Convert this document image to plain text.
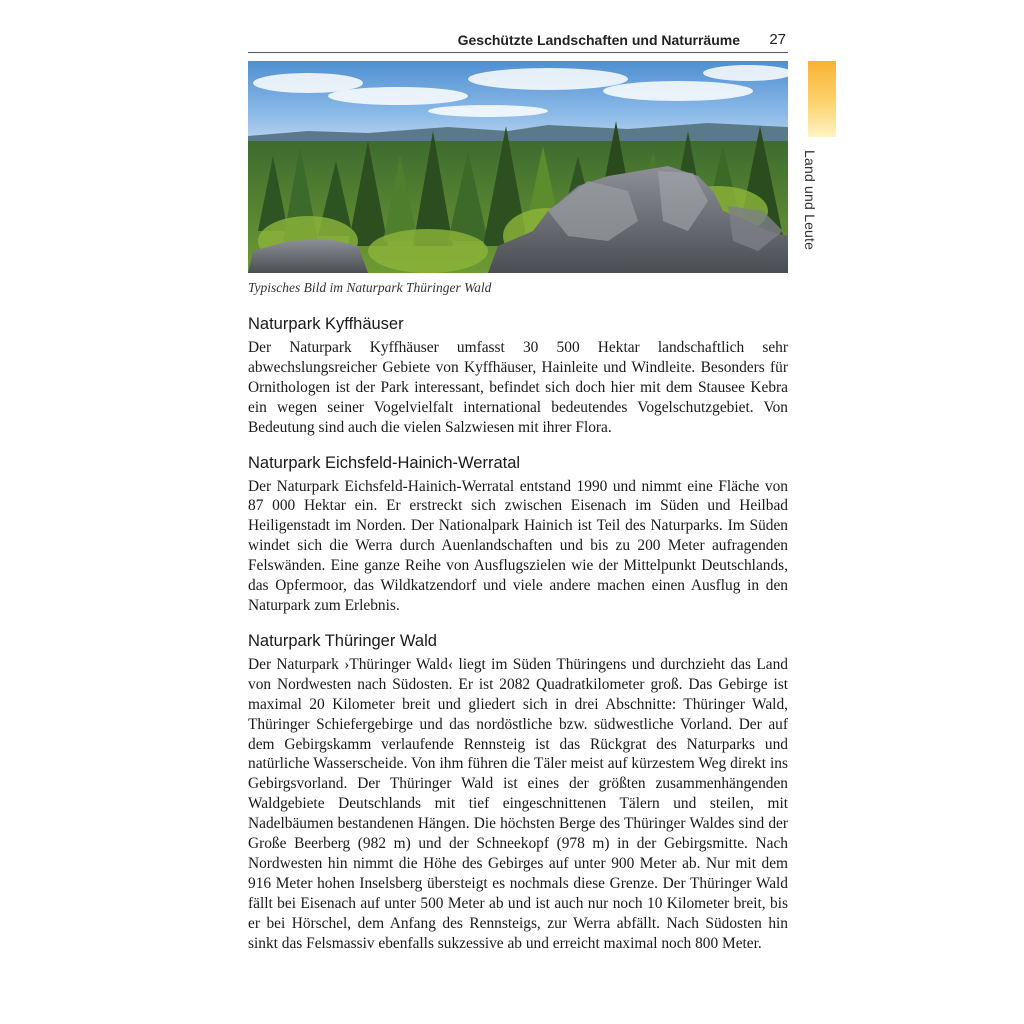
Geschützte Landschaften und Naturräume 27
Land und Leute
Typisches Bild im Naturpark Thüringer Wald
Naturpark Kyffhäuser

Der Naturpark Kyffhäuser umfasst 30 500 Hektar landschaftlich sehr abwechslungsreicher Gebiete von Kyffhäuser, Hainleite und Windleite. Besonders für Ornithologen ist der Park interessant, befindet sich doch hier mit dem Stausee Kebra ein wegen seiner Vogelvielfalt international bedeutendes Vogelschutzgebiet. Von Bedeutung sind auch die vielen Salzwiesen mit ihrer Flora.

Naturpark Eichsfeld-Hainich-Werratal

Der Naturpark Eichsfeld-Hainich-Werratal entstand 1990 und nimmt eine Fläche von 87 000 Hektar ein. Er erstreckt sich zwischen Eisenach im Süden und Heilbad Heiligenstadt im Norden. Der Nationalpark Hainich ist Teil des Naturparks. Im Süden windet sich die Werra durch Auenlandschaften und bis zu 200 Meter aufragenden Felswänden. Eine ganze Reihe von Ausflugszielen wie der Mittelpunkt Deutschlands, das Opfermoor, das Wildkatzendorf und viele andere machen einen Ausflug in den Naturpark zum Erlebnis.

Naturpark Thüringer Wald

Der Naturpark ›Thüringer Wald‹ liegt im Süden Thüringens und durchzieht das Land von Nordwesten nach Südosten. Er ist 2082 Quadratkilometer groß. Das Gebirge ist maximal 20 Kilometer breit und gliedert sich in drei Abschnitte: Thüringer Wald, Thüringer Schiefergebirge und das nordöstliche bzw. südwestliche Vorland. Der auf dem Gebirgskamm verlaufende Rennsteig ist das Rückgrat des Naturparks und natürliche Wasserscheide. Von ihm führen die Täler meist auf kürzestem Weg direkt ins Gebirgsvorland. Der Thüringer Wald ist eines der größten zusammenhängenden Waldgebiete Deutschlands mit tief eingeschnittenen Tälern und steilen, mit Nadelbäumen bestandenen Hängen. Die höchsten Berge des Thüringer Waldes sind der Große Beerberg (982 m) und der Schneekopf (978 m) in der Gebirgsmitte. Nach Nordwesten hin nimmt die Höhe des Gebirges auf unter 900 Meter ab. Nur mit dem 916 Meter hohen Inselsberg übersteigt es nochmals diese Grenze. Der Thüringer Wald fällt bei Eisenach auf unter 500 Meter ab und ist auch nur noch 10 Kilometer breit, bis er bei Hörschel, dem Anfang des Rennsteigs, zur Werra abfällt. Nach Südosten hin sinkt das Felsmassiv ebenfalls sukzessive ab und erreicht maximal noch 800 Meter.
